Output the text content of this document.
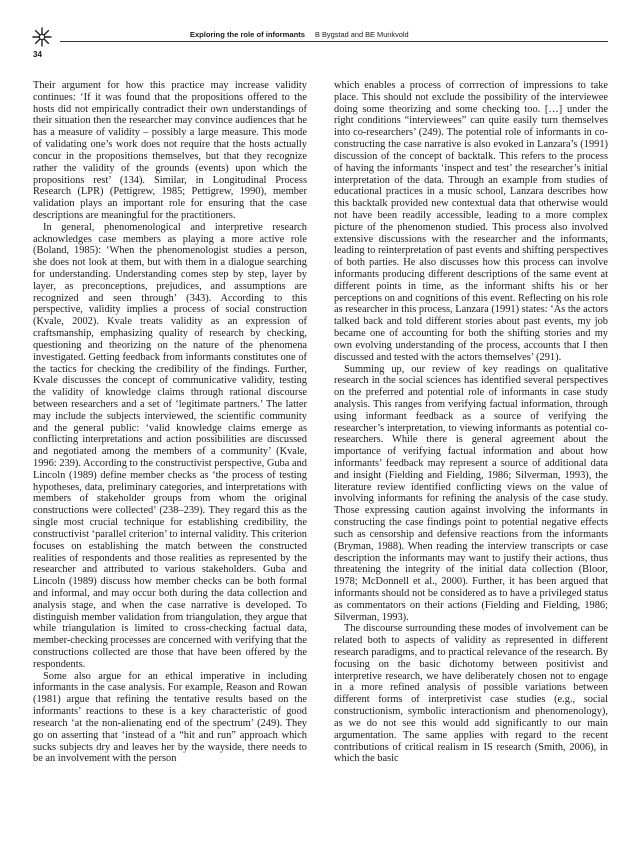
Exploring the role of informants B Bygstad and BE Munkvold
34

Their argument for how this practice may increase validity continues: ‘If it was found that the propositions offered to the hosts did not empirically contradict their own understandings of their situation then the researcher may convince audiences that he has a measure of validity – possibly a large measure. This mode of validating one’s work does not require that the hosts actually concur in the propositions themselves, but that they recognize rather the validity of the grounds (events) upon which the propositions rest’ (134). Similar, in Longitudinal Process Research (LPR) (Pettigrew, 1985; Pettigrew, 1990), member validation plays an important role for ensuring that the case descriptions are meaningful for the practitioners.

In general, phenomenological and interpretive research acknowledges case members as playing a more active role (Boland, 1985): ‘When the phenomenologist studies a person, she does not look at them, but with them in a dialogue searching for understanding. Understanding comes step by step, layer by layer, as preconceptions, prejudices, and assumptions are recognized and seen through’ (343). According to this perspective, validity implies a process of social construction (Kvale, 2002). Kvale treats validity as an expression of craftsmanship, emphasizing quality of research by checking, questioning and theorizing on the nature of the phenomena investigated. Getting feedback from informants constitutes one of the tactics for checking the credibility of the findings. Further, Kvale discusses the concept of communicative validity, testing the validity of knowledge claims through rational discourse between researchers and a set of ‘legitimate partners.’ The latter may include the subjects interviewed, the scientific community and the general public: ‘valid knowledge claims emerge as conflicting interpretations and action possibilities are discussed and negotiated among the members of a community’ (Kvale, 1996: 239). According to the constructivist perspective, Guba and Lincoln (1989) define member checks as ‘the process of testing hypotheses, data, preliminary categories, and interpretations with members of stakeholder groups from whom the original constructions were collected’ (238–239). They regard this as the single most crucial technique for establishing credibility, the constructivist ‘parallel criterion’ to internal validity. This criterion focuses on establishing the match between the constructed realities of respondents and those realities as represented by the researcher and attributed to various stakeholders. Guba and Lincoln (1989) discuss how member checks can be both formal and informal, and may occur both during the data collection and analysis stage, and when the case narrative is developed. To distinguish member validation from triangulation, they argue that while triangulation is limited to cross-checking factual data, member-checking processes are concerned with verifying that the constructions collected are those that have been offered by the respondents.

Some also argue for an ethical imperative in including informants in the case analysis. For example, Reason and Rowan (1981) argue that refining the tentative results based on the informants’ reactions to these is a key characteristic of good research ‘at the non-alienating end of the spectrum’ (249). They go on asserting that ‘instead of a “hit and run” approach which sucks subjects dry and leaves her by the wayside, there needs to be an involvement with the person

which enables a process of corrrection of impressions to take place. This should not exclude the possibility of the interviewee doing some theorizing and some checking too. […] under the right conditions “interviewees” can quite easily turn themselves into co-researchers’ (249). The potential role of informants in co-constructing the case narrative is also evoked in Lanzara’s (1991) discussion of the concept of backtalk. This refers to the process of having the informants ‘inspect and test’ the researcher’s initial interpretation of the data. Through an example from studies of educational practices in a music school, Lanzara describes how this backtalk provided new contextual data that otherwise would not have been readily accessible, leading to a more complex picture of the phenomenon studied. This process also involved extensive discussions with the researcher and the informants, leading to reinterpretation of past events and shifting perspectives of both parties. He also discusses how this process can involve informants producing different descriptions of the same event at different points in time, as the informant shifts his or her perceptions on and cognitions of this event. Reflecting on his role as researcher in this process, Lanzara (1991) states: ‘As the actors talked back and told different stories about past events, my job became one of accounting for both the shifting stories and my own evolving understanding of the process, accounts that I then discussed and tested with the actors themselves’ (291).

Summing up, our review of key readings on qualitative research in the social sciences has identified several perspectives on the preferred and potential role of informants in case study analysis. This ranges from verifying factual information, through using informant feedback as a source of verifying the researcher’s interpretation, to viewing informants as potential co-researchers. While there is general agreement about the importance of verifying factual information and about how informants’ feedback may represent a source of additional data and insight (Fielding and Fielding, 1986; Silverman, 1993), the literature review identified conflicting views on the value of involving informants for refining the analysis of the case study. Those expressing caution against involving the informants in constructing the case findings point to potential negative effects such as censorship and defensive reactions from the informants (Bryman, 1988). When reading the interview transcripts or case description the informants may want to justify their actions, thus threatening the integrity of the initial data collection (Bloor, 1978; McDonnell et al., 2000). Further, it has been argued that informants should not be considered as to have a privileged status as commentators on their actions (Fielding and Fielding, 1986; Silverman, 1993).

The discourse surrounding these modes of involvement can be related both to aspects of validity as represented in different research paradigms, and to practical relevance of the research. By focusing on the basic dichotomy between positivist and interpretive research, we have deliberately chosen not to engage in a more refined analysis of possible variations between different forms of interpretivist case studies (e.g., social constructionism, symbolic interactionism and phenomenology), as we do not see this would add significantly to our main argumentation. The same applies with regard to the recent contributions of critical realism in IS research (Smith, 2006), in which the basic
